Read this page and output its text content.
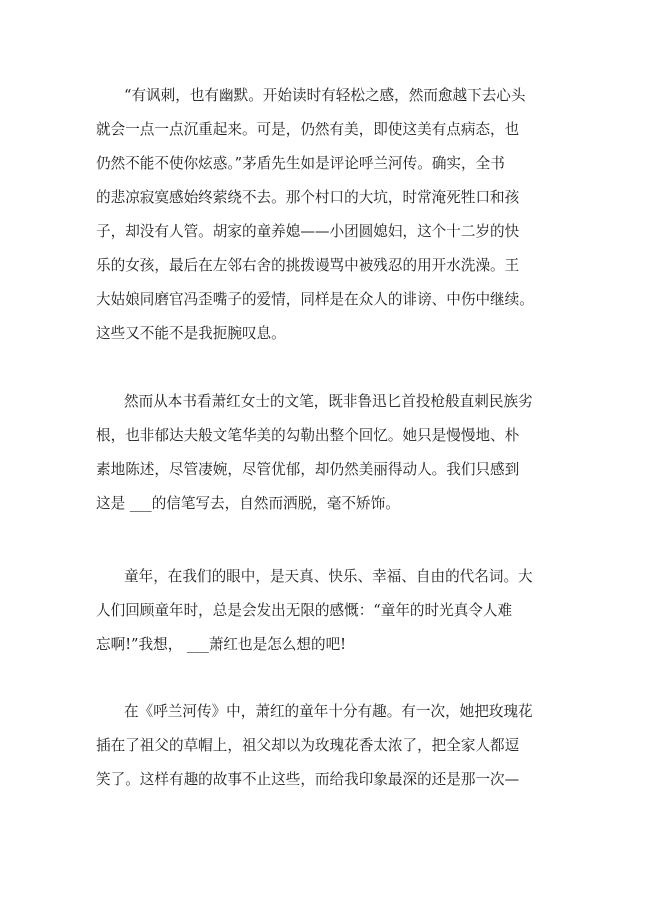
“有讽刺，也有幽默。开始读时有轻松之感，然而愈越下去心头
就会一点一点沉重起来。可是，仍然有美，即使这美有点病态，也
仍然不能不使你炫惑。”茅盾先生如是评论呼兰河传。确实，全书
的悲凉寂寞感始终萦绕不去。那个村口的大坑，时常淹死牲口和孩
子，却没有人管。胡家的童养媳——小团圆媳妇，这个十二岁的快
乐的女孩，最后在左邻右舍的挑拨谩骂中被残忍的用开水洗澡。王
大姑娘同磨官冯歪嘴子的爱情，同样是在众人的诽谤、中伤中继续。
这些又不能不是我扼腕叹息。
然而从本书看萧红女士的文笔，既非鲁迅匕首投枪般直刺民族劣
根，也非郁达夫般文笔华美的勾勒出整个回忆。她只是慢慢地、朴
素地陈述，尽管凄婉，尽管优郁，却仍然美丽得动人。我们只感到
这是 ___的信笔写去，自然而洒脱，毫不矫饰。
童年，在我们的眼中，是天真、快乐、幸福、自由的代名词。大
人们回顾童年时，总是会发出无限的感慨：“童年的时光真令人难
忘啊!”我想， ___萧红也是怎么想的吧!
在《呼兰河传》中，萧红的童年十分有趣。有一次，她把玫瑰花
插在了祖父的草帽上，祖父却以为玫瑰花香太浓了，把全家人都逗
笑了。这样有趣的故事不止这些，而给我印象最深的还是那一次—
